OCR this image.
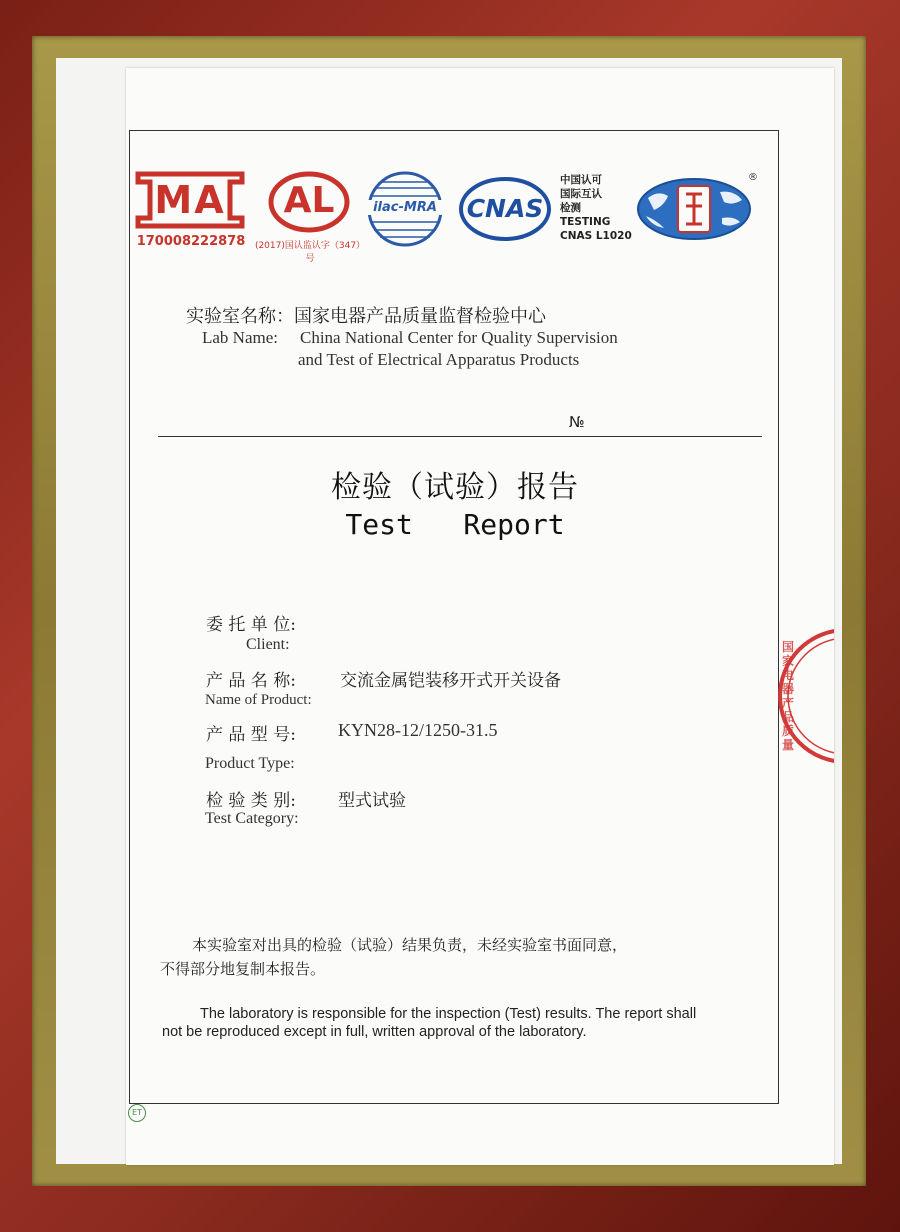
MA
170008222878
AL
(2017)国认监认字（347）号
ilac-MRA	CNAS
中国认可
国际互认
检测
TESTING
CNAS L1020
®
实验室名称：国家电器产品质量监督检验中心
Lab Name: China National Center for Quality Supervision
and Test of Electrical Apparatus Products
№
检验（试验）报告
Test   Report
委 托 单 位:
Client:
产 品 名 称:	交流金属铠装移开式开关设备
Name of Product:
产 品 型 号: KYN28-12/1250-31.5
Product Type:
检 验 类 别: 型式试验
Test Category:
国家电器产品质量
本实验室对出具的检验（试验）结果负责，未经实验室书面同意，
不得部分地复制本报告。
The laboratory is responsible for the inspection (Test) results. The report shall
not be reproduced except in full, written approval of the laboratory.
ET
